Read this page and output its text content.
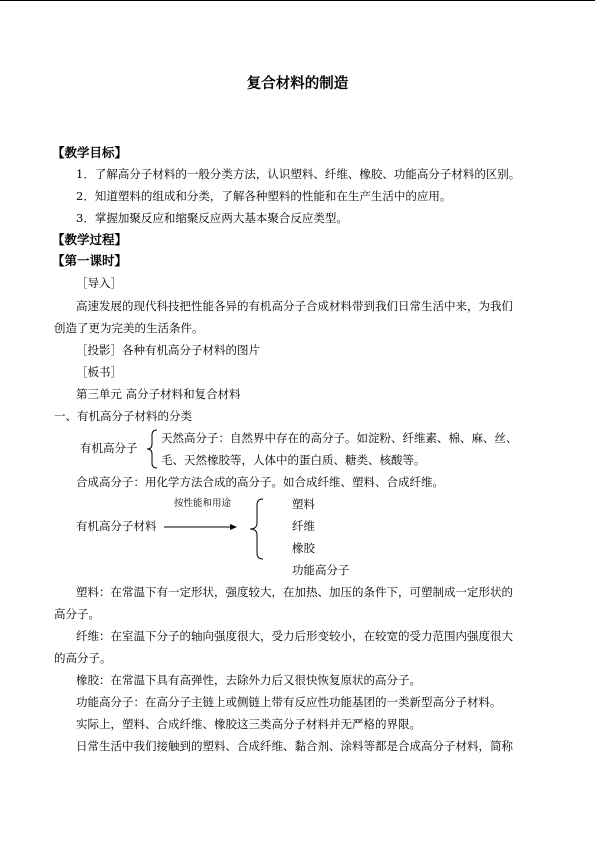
复合材料的制造
【教学目标】
1．了解高分子材料的一般分类方法，认识塑料、纤维、橡胶、功能高分子材料的区别。
2．知道塑料的组成和分类，了解各种塑料的性能和在生产生活中的应用。
3．掌握加聚反应和缩聚反应两大基本聚合反应类型。
【教学过程】
【第一课时】
［导入］
高速发展的现代科技把性能各异的有机高分子合成材料带到我们日常生活中来，为我们
创造了更为完美的生活条件。
［投影］各种有机高分子材料的图片
［板书］
第三单元 高分子材料和复合材料
一、有机高分子材料的分类
有机高分子
天然高分子：自然界中存在的高分子。如淀粉、纤维素、棉、麻、丝、
毛、天然橡胶等，人体中的蛋白质、糖类、核酸等。
合成高分子：用化学方法合成的高分子。如合成纤维、塑料、合成纤维。
按性能和用途
有机高分子材料
塑料
纤维
橡胶
功能高分子
塑料：在常温下有一定形状，强度较大，在加热、加压的条件下，可塑制成一定形状的
高分子。
纤维：在室温下分子的轴向强度很大，受力后形变较小，在较宽的受力范围内强度很大
的高分子。
橡胶：在常温下具有高弹性，去除外力后又很快恢复原状的高分子。
功能高分子：在高分子主链上或侧链上带有反应性功能基团的一类新型高分子材料。
实际上，塑料、合成纤维、橡胶这三类高分子材料并无严格的界限。
日常生活中我们接触到的塑料、合成纤维、黏合剂、涂料等都是合成高分子材料，简称
